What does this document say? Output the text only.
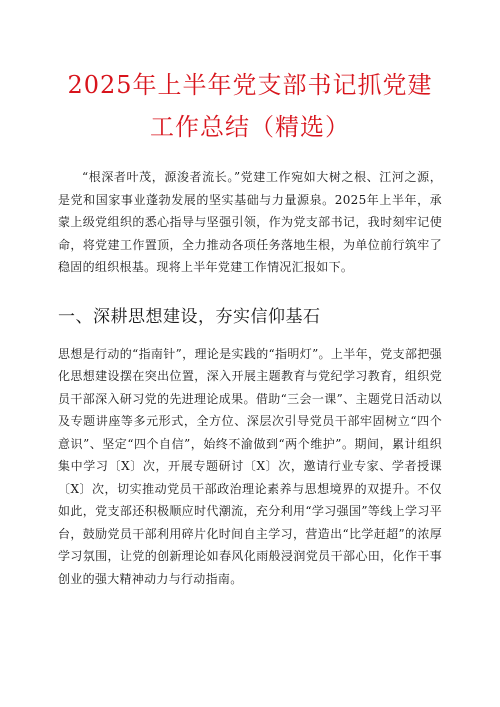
2025年上半年党支部书记抓党建
工作总结（精选）

“根深者叶茂，源浚者流长。”党建工作宛如大树之根、江河之源，是党和国家事业蓬勃发展的坚实基础与力量源泉。2025年上半年，承蒙上级党组织的悉心指导与坚强引领，作为党支部书记，我时刻牢记使命，将党建工作置顶，全力推动各项任务落地生根，为单位前行筑牢了稳固的组织根基。现将上半年党建工作情况汇报如下。

一、深耕思想建设，夯实信仰基石

思想是行动的“指南针”，理论是实践的“指明灯”。上半年，党支部把强化思想建设摆在突出位置，深入开展主题教育与党纪学习教育，组织党员干部深入研习党的先进理论成果。借助“三会一课”、主题党日活动以及专题讲座等多元形式，全方位、深层次引导党员干部牢固树立“四个意识”、坚定“四个自信”，始终不渝做到“两个维护”。期间，累计组织集中学习〔X〕次，开展专题研讨〔X〕次，邀请行业专家、学者授课〔X〕次，切实推动党员干部政治理论素养与思想境界的双提升。不仅如此，党支部还积极顺应时代潮流，充分利用“学习强国”等线上学习平台，鼓励党员干部利用碎片化时间自主学习，营造出“比学赶超”的浓厚学习氛围，让党的创新理论如春风化雨般浸润党员干部心田，化作干事创业的强大精神动力与行动指南。
